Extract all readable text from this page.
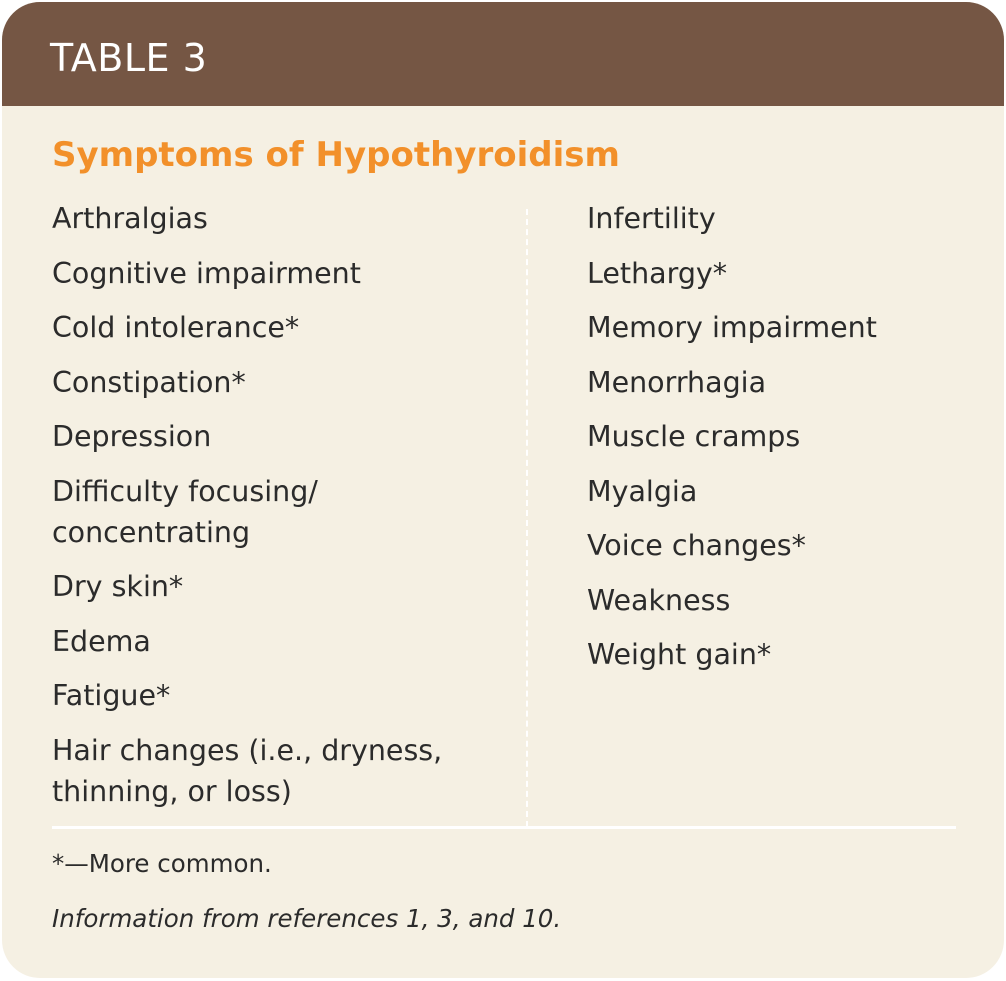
TABLE 3
Symptoms of Hypothyroidism
Arthralgias
Cognitive impairment
Cold intolerance*
Constipation*
Depression
Difficulty focusing/
concentrating
Dry skin*
Edema
Fatigue*
Hair changes (i.e., dryness,
thinning, or loss)
Infertility
Lethargy*
Memory impairment
Menorrhagia
Muscle cramps
Myalgia
Voice changes*
Weakness
Weight gain*
*—More common.
Information from references 1, 3, and 10.
